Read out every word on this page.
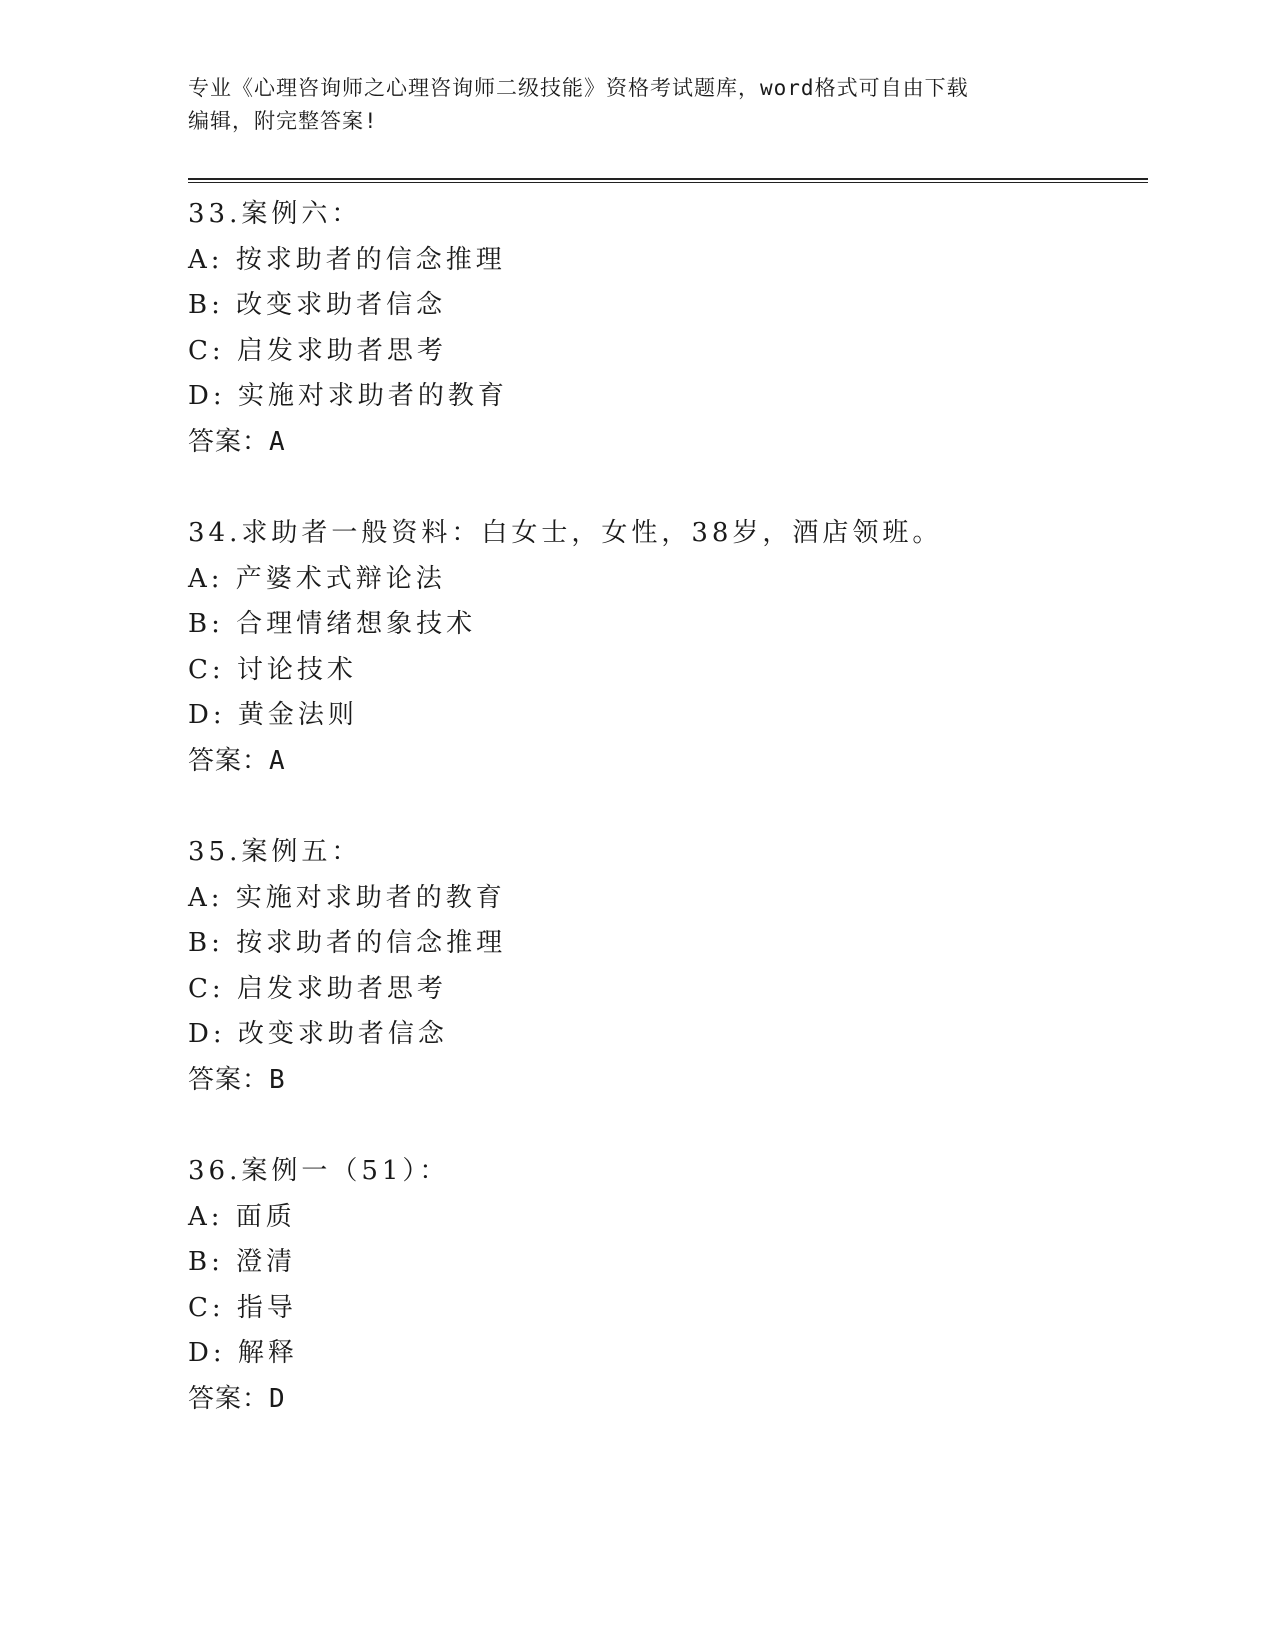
专业《心理咨询师之心理咨询师二级技能》资格考试题库，word格式可自由下载
编辑，附完整答案!
33.案例六：
A: 按求助者的信念推理
B: 改变求助者信念
C: 启发求助者思考
D: 实施对求助者的教育
答案：A
34.求助者一般资料：白女士，女性，38岁，酒店领班。
A: 产婆术式辩论法
B: 合理情绪想象技术
C: 讨论技术
D: 黄金法则
答案：A
35.案例五：
A: 实施对求助者的教育
B: 按求助者的信念推理
C: 启发求助者思考
D: 改变求助者信念
答案：B
36.案例一（51）：
A: 面质
B: 澄清
C: 指导
D: 解释
答案：D
